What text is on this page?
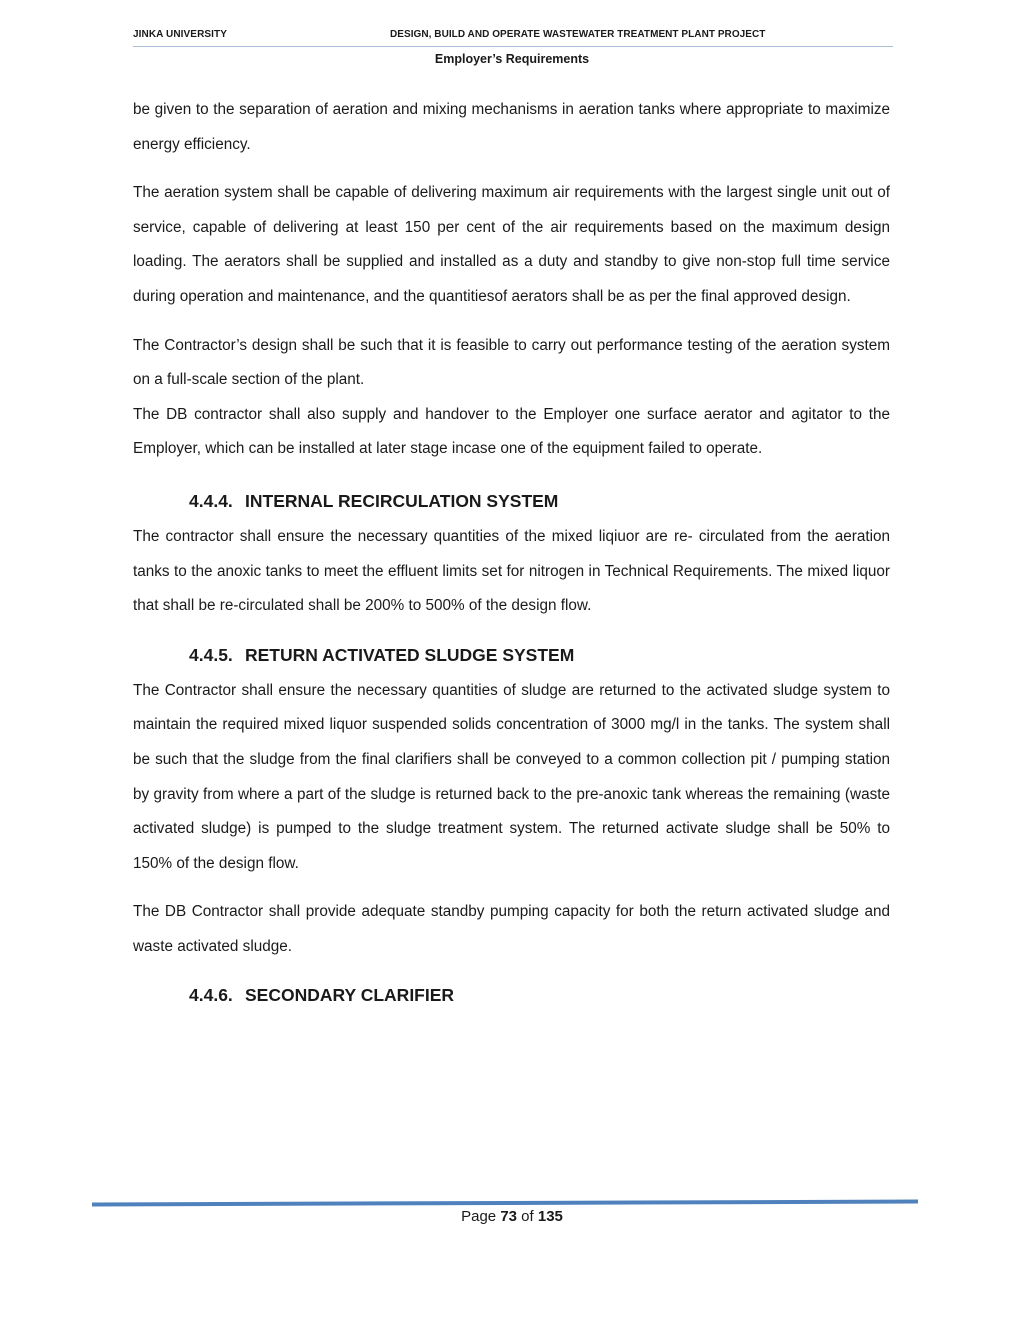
JINKA UNIVERSITY	DESIGN, BUILD AND OPERATE WASTEWATER TREATMENT PLANT PROJECT
Employer’s Requirements

be given to the separation of aeration and mixing mechanisms in aeration tanks where appropriate to maximize energy efficiency.

The aeration system shall be capable of delivering maximum air requirements with the largest single unit out of service, capable of delivering at least 150 per cent of the air requirements based on the maximum design loading. The aerators shall be supplied and installed as a duty and standby to give non-stop full time service during operation and maintenance, and the quantitiesof aerators shall be as per the final approved design.

The Contractor’s design shall be such that it is feasible to carry out performance testing of the aeration system on a full-scale section of the plant.

The DB contractor shall also supply and handover to the Employer one surface aerator and agitator to the Employer, which can be installed at later stage incase one of the equipment failed to operate.

4.4.4. INTERNAL RECIRCULATION SYSTEM

The contractor shall ensure the necessary quantities of the mixed liqiuor are re- circulated from the aeration tanks to the anoxic tanks to meet the effluent limits set for nitrogen in Technical Requirements. The mixed liquor that shall be re-circulated shall be 200% to 500% of the design flow.

4.4.5. RETURN ACTIVATED SLUDGE SYSTEM

The Contractor shall ensure the necessary quantities of sludge are returned to the activated sludge system to maintain the required mixed liquor suspended solids concentration of 3000 mg/l in the tanks. The system shall be such that the sludge from the final clarifiers shall be conveyed to a common collection pit / pumping station by gravity from where a part of the sludge is returned back to the pre-anoxic tank whereas the remaining (waste activated sludge) is pumped to the sludge treatment system. The returned activate sludge shall be 50% to 150% of the design flow.

The DB Contractor shall provide adequate standby pumping capacity for both the return activated sludge and waste activated sludge.

4.4.6. SECONDARY CLARIFIER
Page 73 of 135
